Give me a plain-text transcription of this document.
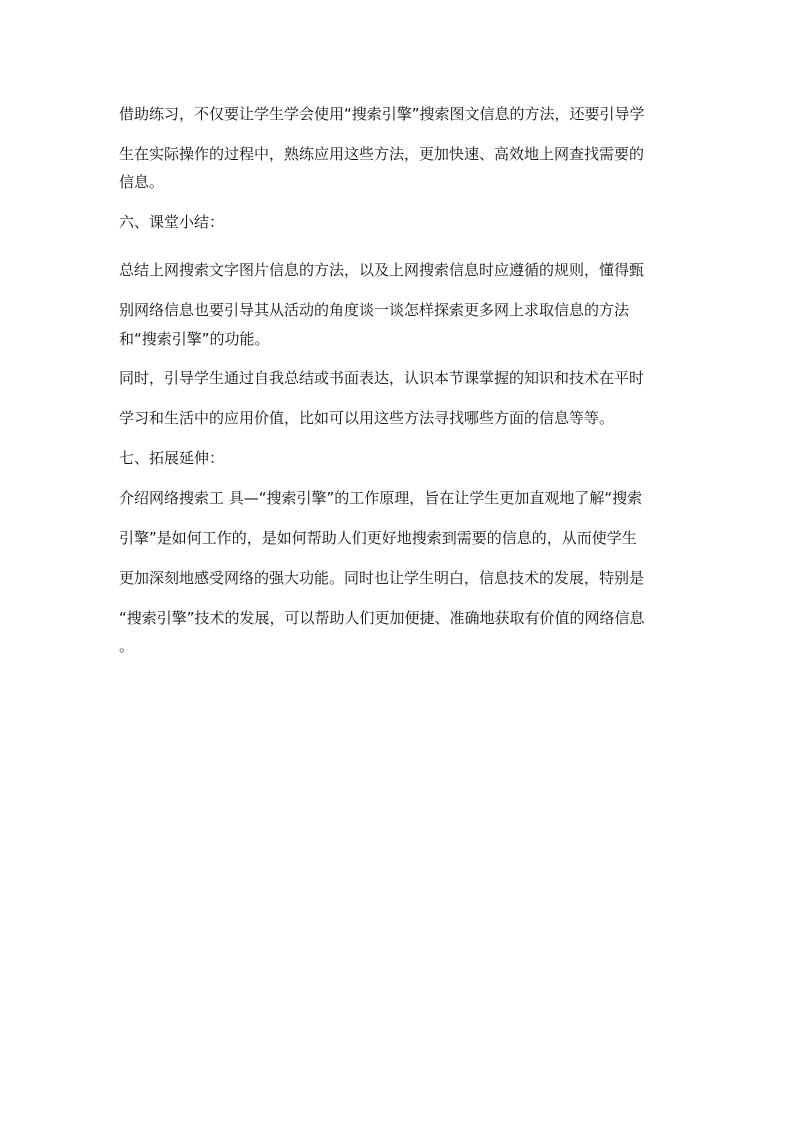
借助练习，不仅要让学生学会使用“搜索引擎”搜索图文信息的方法，还要引导学
生在实际操作的过程中，熟练应用这些方法，更加快速、高效地上网查找需要的
信息。
六、课堂小结：
总结上网搜索文字图片信息的方法，以及上网搜索信息时应遵循的规则，懂得甄
别网络信息也要引导其从活动的角度谈一谈怎样探索更多网上求取信息的方法
和“搜索引擎”的功能。
同时，引导学生通过自我总结或书面表达，认识本节课掌握的知识和技术在平时
学习和生活中的应用价值，比如可以用这些方法寻找哪些方面的信息等等。
七、拓展延伸：
介绍网络搜索工 具—“搜索引擎”的工作原理，旨在让学生更加直观地了解“搜索
引擎”是如何工作的，是如何帮助人们更好地搜索到需要的信息的，从而使学生
更加深刻地感受网络的强大功能。同时也让学生明白，信息技术的发展，特别是
“搜索引擎”技术的发展，可以帮助人们更加便捷、准确地获取有价值的网络信息
。
